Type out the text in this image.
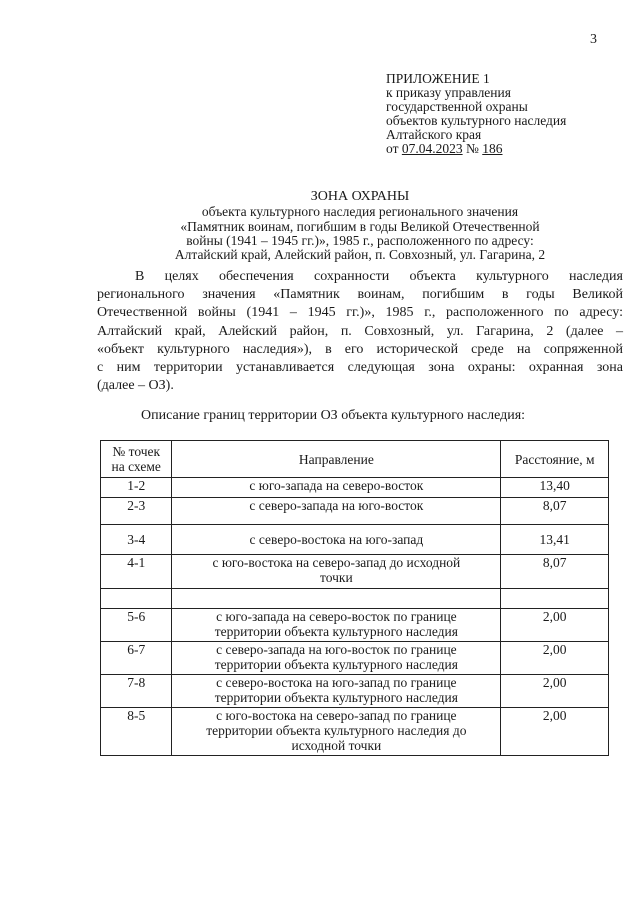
3
ПРИЛОЖЕНИЕ 1
к приказу управления
государственной охраны
объектов культурного наследия
Алтайского края
от 07.04.2023 № 186
ЗОНА ОХРАНЫ
объекта культурного наследия регионального значения
«Памятник воинам, погибшим в годы Великой Отечественной
войны (1941 – 1945 гг.)», 1985 г., расположенного по адресу:
Алтайский край, Алейский район, п. Совхозный, ул. Гагарина, 2
В целях обеспечения сохранности объекта культурного наследия
регионального значения «Памятник воинам, погибшим в годы Великой
Отечественной войны (1941 – 1945 гг.)», 1985 г., расположенного по адресу:
Алтайский край, Алейский район, п. Совхозный, ул. Гагарина, 2 (далее –
«объект культурного наследия»), в его исторической среде на сопряженной
с ним территории устанавливается следующая зона охраны: охранная зона
(далее – ОЗ).
Описание границ территории ОЗ объекта культурного наследия:
№ точек
на схеме	Направление	Расстояние, м
1-2	с юго-запада на северо-восток	13,40
2-3	с северо-запада на юго-восток	8,07
3-4	с северо-востока на юго-запад	13,41
4-1	с юго-востока на северо-запад до исходной
точки	8,07

5-6	с юго-запада на северо-восток по границе
территории объекта культурного наследия	2,00
6-7	с северо-запада на юго-восток по границе
территории объекта культурного наследия	2,00
7-8	с северо-востока на юго-запад по границе
территории объекта культурного наследия	2,00
8-5	с юго-востока на северо-запад по границе
территории объекта культурного наследия до
исходной точки	2,00
